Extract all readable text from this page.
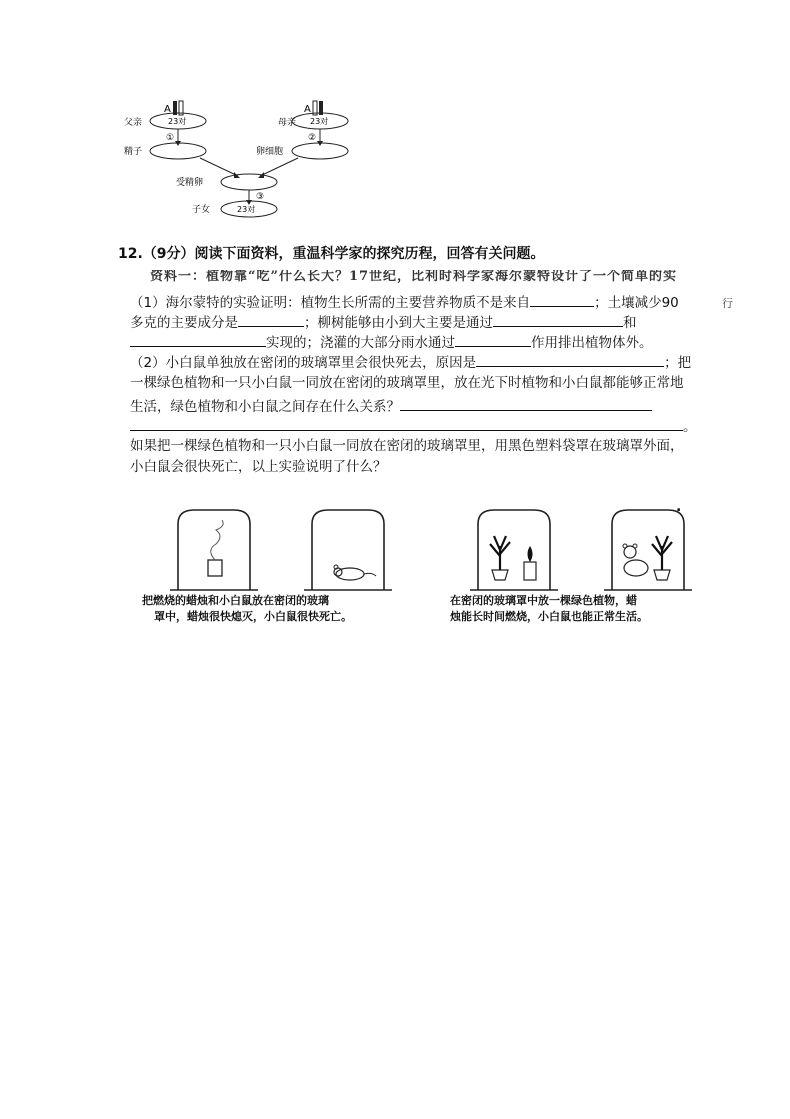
A	A
父亲	23对	母亲 23对
①	②
精子	卵细胞
受精卵
③
子女	23对
12.（9分）阅读下面资料，重温科学家的探究历程，回答有关问题。
资料一：植物靠“吃”什么长大？17世纪，比利时科学家海尔蒙特设计了一个简单的实
行
（1）海尔蒙特的实验证明：植物生长所需的主要营养物质不是来自	；土壤减少90
多克的主要成分是	；柳树能够由小到大主要是通过	和
实现的；浇灌的大部分雨水通过	作用排出植物体外。
（2）小白鼠单独放在密闭的玻璃罩里会很快死去，原因是	；把
一棵绿色植物和一只小白鼠一同放在密闭的玻璃罩里，放在光下时植物和小白鼠都能够正常地
生活，绿色植物和小白鼠之间存在什么关系？
。
如果把一棵绿色植物和一只小白鼠一同放在密闭的玻璃罩里，用黑色塑料袋罩在玻璃罩外面，
小白鼠会很快死亡，以上实验说明了什么？
.
把燃烧的蜡烛和小白鼠放在密闭的玻璃
罩中，蜡烛很快熄灭，小白鼠很快死亡。
在密闭的玻璃罩中放一棵绿色植物，蜡
烛能长时间燃烧，小白鼠也能正常生活。
